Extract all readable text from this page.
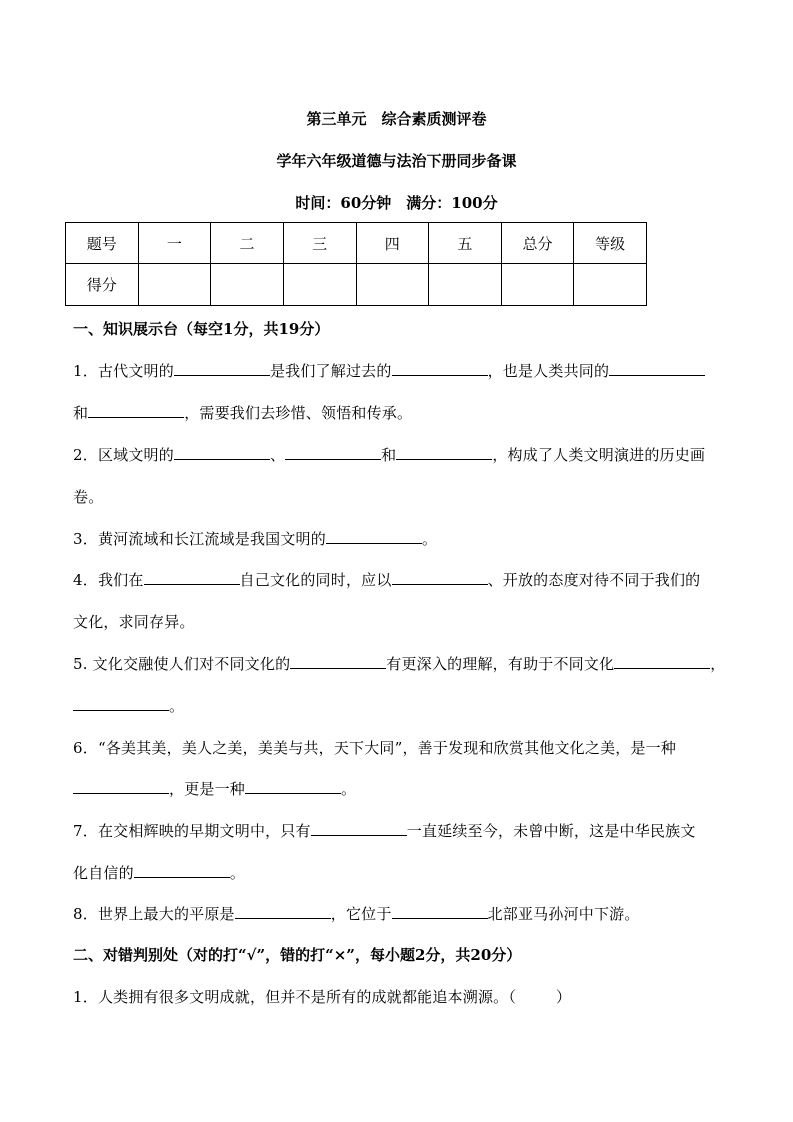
第三单元　综合素质测评卷
学年六年级道德与法治下册同步备课
时间：60分钟　满分：100分
题号	一	二	三	四	五	总分	等级
得分							
一、知识展示台（每空1分，共19分）
1．古代文明的	是我们了解过去的	，也是人类共同的
和	，需要我们去珍惜、领悟和传承。
2．区域文明的	、	和	，构成了人类文明演进的历史画
卷。
3．黄河流域和长江流域是我国文明的	。
4．我们在	自己文化的同时，应以	、开放的态度对待不同于我们的
文化，求同存异。
5. 文化交融使人们对不同文化的	有更深入的理解，有助于不同文化	，
。
6．“各美其美，美人之美，美美与共，天下大同”，善于发现和欣赏其他文化之美，是一种
，更是一种	。
7．在交相辉映的早期文明中，只有	一直延续至今，未曾中断，这是中华民族文
化自信的	。
8．世界上最大的平原是	，它位于	北部亚马孙河中下游。
二、对错判别处（对的打“√”，错的打“×”，每小题2分，共20分）
1．人类拥有很多文明成就，但并不是所有的成就都能追本溯源。（	）
